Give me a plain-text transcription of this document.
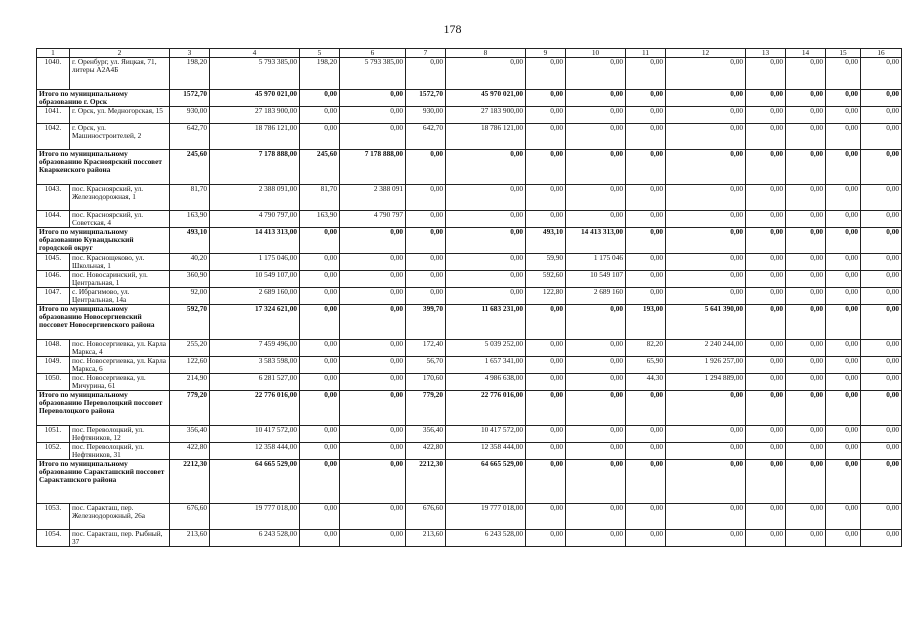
178
1	2	3	4	5	6	7	8	9	10	11	12	13	14	15	16
1040.	г. Оренбург, ул. Яицкая, 71, литеры А2А4Б	198,20	5 793 385,00	198,20	5 793 385,00	0,00	0,00	0,00	0,00	0,00	0,00	0,00	0,00	0,00	0,00
Итого по муниципальному образованию г. Орск		1572,70	45 970 021,00	0,00	0,00	1572,70	45 970 021,00	0,00	0,00	0,00	0,00	0,00	0,00	0,00	0,00
1041.	г. Орск, ул. Медногорская, 15	930,00	27 183 900,00	0,00	0,00	930,00	27 183 900,00	0,00	0,00	0,00	0,00	0,00	0,00	0,00	0,00
1042.	г. Орск, ул. Машиностроителей, 2	642,70	18 786 121,00	0,00	0,00	642,70	18 786 121,00	0,00	0,00	0,00	0,00	0,00	0,00	0,00	0,00
Итого по муниципальному образованию Красноярский поссовет Кваркенского района		245,60	7 178 888,00	245,60	7 178 888,00	0,00	0,00	0,00	0,00	0,00	0,00	0,00	0,00	0,00	0,00
1043.	пос. Красноярский, ул. Железнодорожная, 1	81,70	2 388 091,00	81,70	2 388 091	0,00	0,00	0,00	0,00	0,00	0,00	0,00	0,00	0,00	0,00
1044.	пос. Красноярский, ул. Советская, 4	163,90	4 790 797,00	163,90	4 790 797	0,00	0,00	0,00	0,00	0,00	0,00	0,00	0,00	0,00	0,00
Итого по муниципальному образованию Кувандыкский городской округ		493,10	14 413 313,00	0,00	0,00	0,00	0,00	493,10	14 413 313,00	0,00	0,00	0,00	0,00	0,00	0,00
1045.	пос. Краснощеково, ул. Школьная, 1	40,20	1 175 046,00	0,00	0,00	0,00	0,00	59,90	1 175 046	0,00	0,00	0,00	0,00	0,00	0,00
1046.	пос. Новосаринский, ул. Центральная, 1	360,90	10 549 107,00	0,00	0,00	0,00	0,00	592,60	10 549 107	0,00	0,00	0,00	0,00	0,00	0,00
1047.	с. Ибрагимово, ул. Центральная, 14а	92,00	2 689 160,00	0,00	0,00	0,00	0,00	122,80	2 689 160	0,00	0,00	0,00	0,00	0,00	0,00
Итого по муниципальному образованию Новосергиевский поссовет Новосергиевского района		592,70	17 324 621,00	0,00	0,00	399,70	11 683 231,00	0,00	0,00	193,00	5 641 390,00	0,00	0,00	0,00	0,00
1048.	пос. Новосергиевка, ул. Карла Маркса, 4	255,20	7 459 496,00	0,00	0,00	172,40	5 039 252,00	0,00	0,00	82,20	2 240 244,00	0,00	0,00	0,00	0,00
1049.	пос. Новосергиевка, ул. Карла Маркса, 6	122,60	3 583 598,00	0,00	0,00	56,70	1 657 341,00	0,00	0,00	65,90	1 926 257,00	0,00	0,00	0,00	0,00
1050.	пос. Новосергиевка, ул. Мичурина, 61	214,90	6 281 527,00	0,00	0,00	170,60	4 986 638,00	0,00	0,00	44,30	1 294 889,00	0,00	0,00	0,00	0,00
Итого по муниципальному образованию Переволоцкий поссовет Переволоцкого района		779,20	22 776 016,00	0,00	0,00	779,20	22 776 016,00	0,00	0,00	0,00	0,00	0,00	0,00	0,00	0,00
1051.	пос. Переволоцкий, ул. Нефтяников, 12	356,40	10 417 572,00	0,00	0,00	356,40	10 417 572,00	0,00	0,00	0,00	0,00	0,00	0,00	0,00	0,00
1052.	пос. Переволоцкий, ул. Нефтяников, 31	422,80	12 358 444,00	0,00	0,00	422,80	12 358 444,00	0,00	0,00	0,00	0,00	0,00	0,00	0,00	0,00
Итого по муниципальному образованию Саракташский поссовет Саракташского района		2212,30	64 665 529,00	0,00	0,00	2212,30	64 665 529,00	0,00	0,00	0,00	0,00	0,00	0,00	0,00	0,00
1053.	пос. Саракташ, пер. Железнодорожный, 26а	676,60	19 777 018,00	0,00	0,00	676,60	19 777 018,00	0,00	0,00	0,00	0,00	0,00	0,00	0,00	0,00
1054.	пос. Саракташ, пер. Рыбный, 37	213,60	6 243 528,00	0,00	0,00	213,60	6 243 528,00	0,00	0,00	0,00	0,00	0,00	0,00	0,00	0,00
